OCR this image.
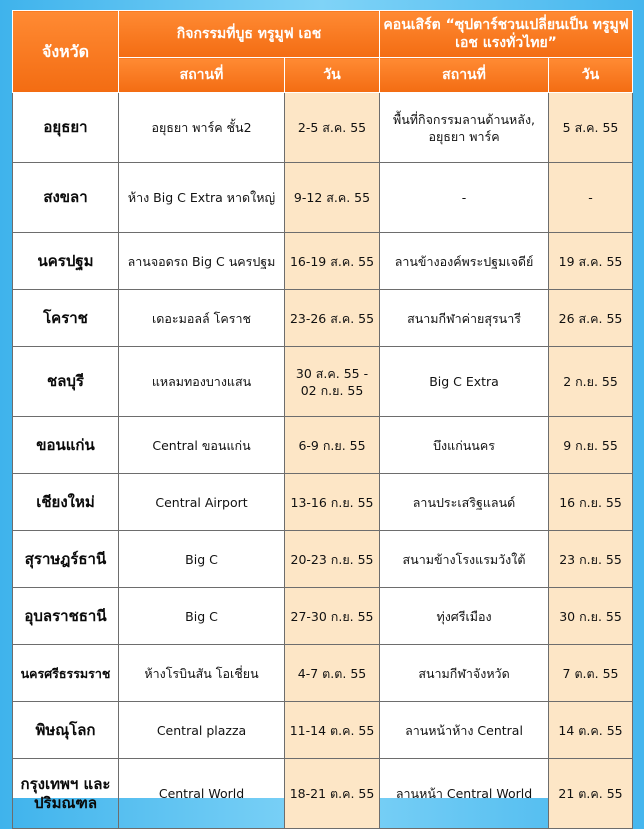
จังหวัด	กิจกรรมที่บูธ ทรูมูฟ เอช		คอนเสิร์ต “ซุปตาร์ชวนเปลี่ยนเป็น ทรูมูฟ เอช แรงทั่วไทย”	
	สถานที่	วัน	สถานที่	วัน
อยุธยา	อยุธยา พาร์ค ชั้น2	2-5 ส.ค. 55	พื้นที่กิจกรรมลานด้านหลัง, อยุธยา พาร์ค	5 ส.ค. 55
สงขลา	ห้าง Big C Extra หาดใหญ่	9-12 ส.ค. 55	-	-
นครปฐม	ลานจอดรถ Big C นครปฐม	16-19 ส.ค. 55	ลานข้างองค์พระปฐมเจดีย์	19 ส.ค. 55
โคราช	เดอะมอลล์ โคราช	23-26 ส.ค. 55	สนามกีฬาค่ายสุรนารี	26 ส.ค. 55
ชลบุรี	แหลมทองบางแสน	30 ส.ค. 55 - 02 ก.ย. 55	Big C Extra	2 ก.ย. 55
ขอนแก่น	Central ขอนแก่น	6-9 ก.ย. 55	บึงแก่นนคร	9 ก.ย. 55
เชียงใหม่	Central Airport	13-16 ก.ย. 55	ลานประเสริฐแลนด์	16 ก.ย. 55
สุราษฎร์ธานี	Big C	20-23 ก.ย. 55	สนามข้างโรงแรมวังใต้	23 ก.ย. 55
อุบลราชธานี	Big C	27-30 ก.ย. 55	ทุ่งศรีเมือง	30 ก.ย. 55
นครศรีธรรมราช	ห้างโรบินสัน โอเชี่ยน	4-7 ต.ต. 55	สนามกีฬาจังหวัด	7 ต.ต. 55
พิษณุโลก	Central plazza	11-14 ต.ค. 55	ลานหน้าห้าง Central	14 ต.ค. 55
กรุงเทพฯ และ ปริมณฑล	Central World	18-21 ต.ค. 55	ลานหน้า Central World	21 ต.ค. 55
